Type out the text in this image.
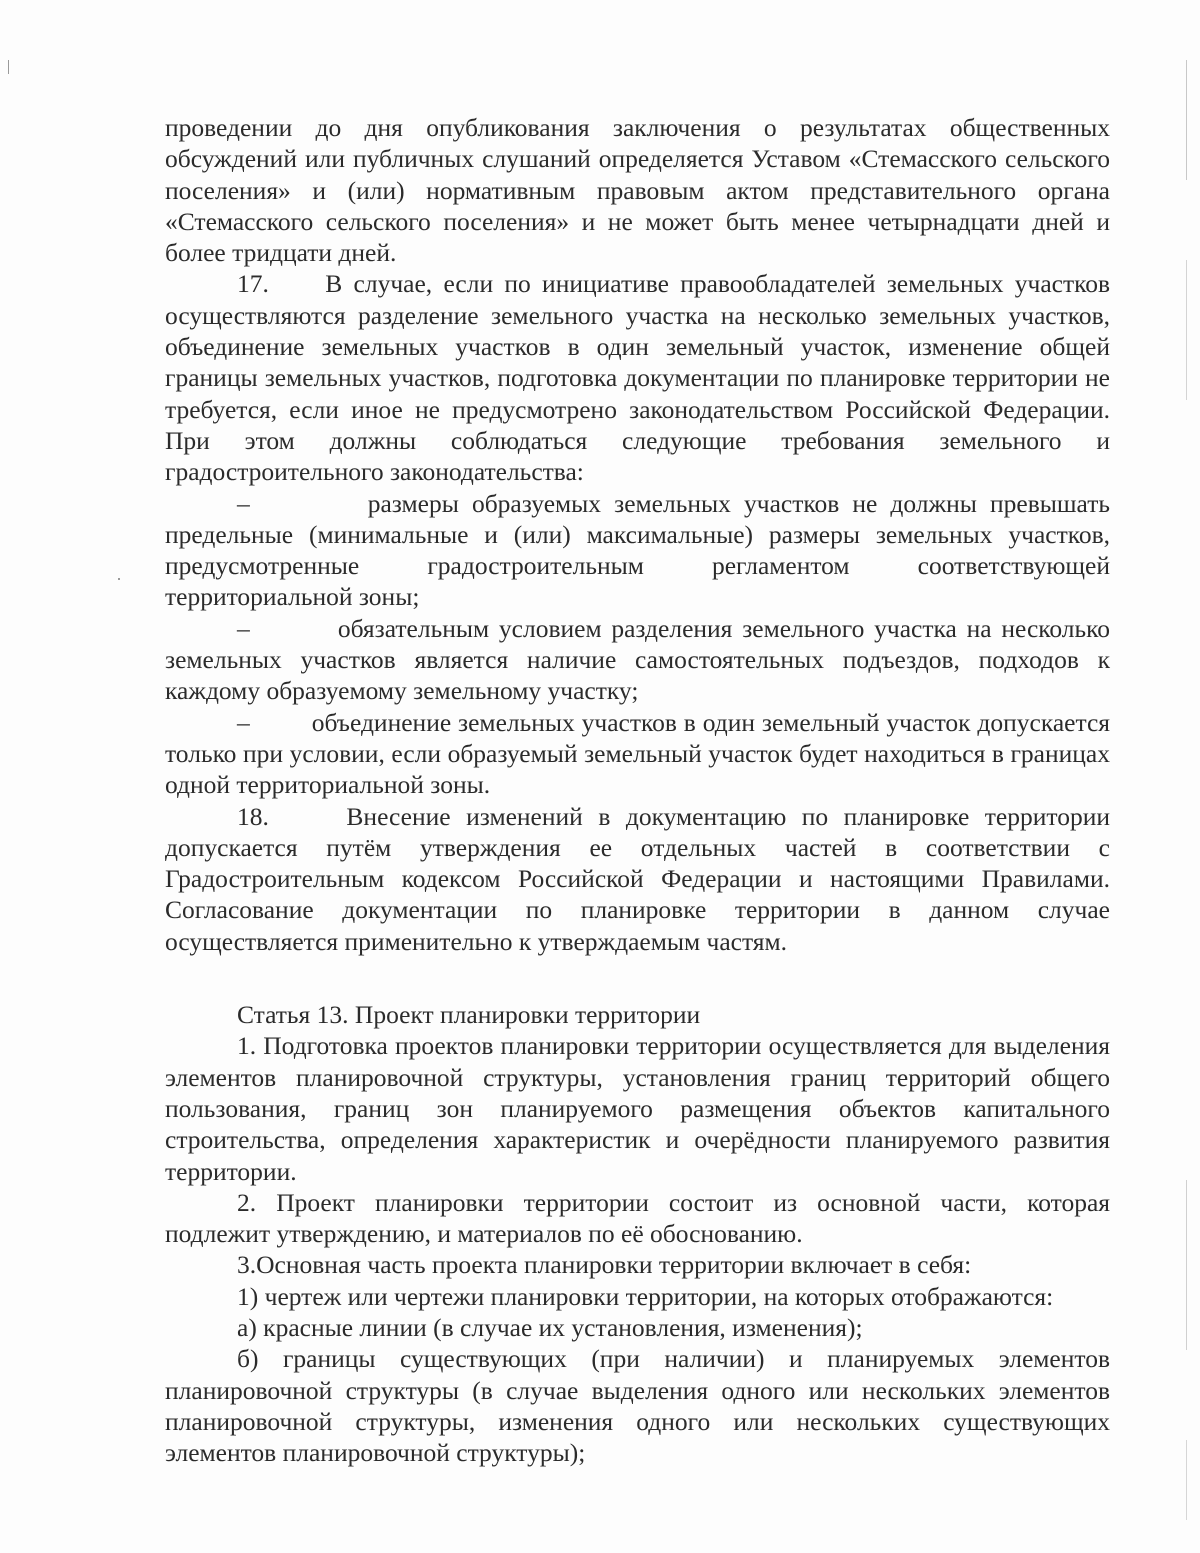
проведении до дня опубликования заключения о результатах общественных обсуждений или публичных слушаний определяется Уставом «Стемасского сельского поселения» и (или) нормативным правовым актом представительного органа «Стемасского сельского поселения» и не может быть менее четырнадцати дней и более тридцати дней.

17.     В случае, если по инициативе правообладателей земельных участков осуществляются разделение земельного участка на несколько земельных участков, объединение земельных участков в один земельный участок, изменение общей границы земельных участков, подготовка документации по планировке территории не требуется, если иное не предусмотрено законодательством Российской Федерации. При этом должны соблюдаться следующие требования земельного и градостроительного законодательства:

–         размеры образуемых земельных участков не должны превышать предельные (минимальные и (или) максимальные) размеры земельных участков, предусмотренные градостроительным регламентом соответствующей территориальной зоны;

–         обязательным условием разделения земельного участка на несколько земельных участков является наличие самостоятельных подъездов, подходов к каждому образуемому земельному участку;

–         объединение земельных участков в один земельный участок допускается только при условии, если образуемый земельный участок будет находиться в границах одной территориальной зоны.

18.     Внесение изменений в документацию по планировке территории допускается путём утверждения ее отдельных частей в соответствии с Градостроительным кодексом Российской Федерации и настоящими Правилами. Согласование документации по планировке территории в данном случае осуществляется применительно к утверждаемым частям.

Статья 13. Проект планировки территории

1. Подготовка проектов планировки территории осуществляется для выделения элементов планировочной структуры, установления границ территорий общего пользования, границ зон планируемого размещения объектов капитального строительства, определения характеристик и очерёдности планируемого развития территории.

2. Проект планировки территории состоит из основной части, которая подлежит утверждению, и материалов по её обоснованию.

3.Основная часть проекта планировки территории включает в себя:

1) чертеж или чертежи планировки территории, на которых отображаются:

а) красные линии (в случае их установления, изменения);

б) границы существующих (при наличии) и планируемых элементов планировочной структуры (в случае выделения одного или нескольких элементов планировочной структуры, изменения одного или нескольких существующих элементов планировочной структуры);
